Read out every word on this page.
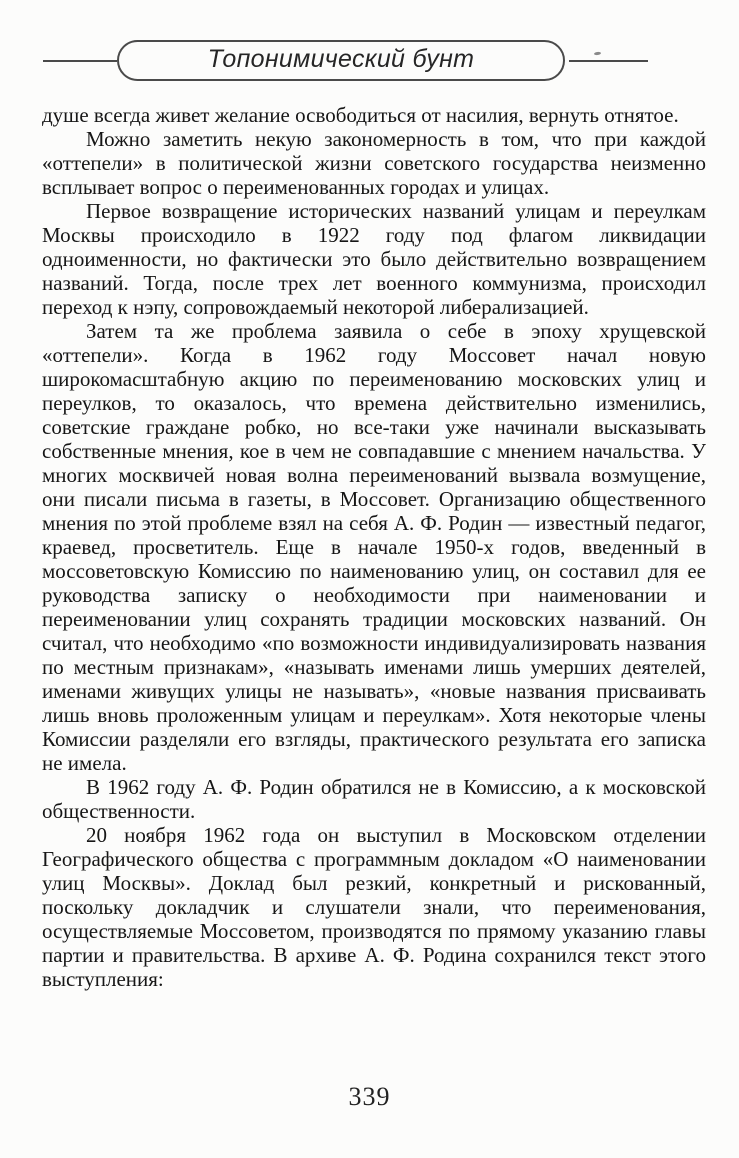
Топонимический бунт

душе всегда живет желание освободиться от насилия, вернуть отнятое.

Можно заметить некую закономерность в том, что при каждой «оттепели» в политической жизни советского государства неизменно всплывает вопрос о переименованных городах и улицах.

Первое возвращение исторических названий улицам и переулкам Москвы происходило в 1922 году под флагом ликвидации одноименности, но фактически это было действительно возвращением названий. Тогда, после трех лет военного коммунизма, происходил переход к нэпу, сопровождаемый некоторой либерализацией.

Затем та же проблема заявила о себе в эпоху хрущевской «оттепели». Когда в 1962 году Моссовет начал новую широкомасштабную акцию по переименованию московских улиц и переулков, то оказалось, что времена действительно изменились, советские граждане робко, но все-таки уже начинали высказывать собственные мнения, кое в чем не совпадавшие с мнением начальства. У многих москвичей новая волна переименований вызвала возмущение, они писали письма в газеты, в Моссовет. Организацию общественного мнения по этой проблеме взял на себя А. Ф. Родин — известный педагог, краевед, просветитель. Еще в начале 1950-х годов, введенный в моссоветовскую Комиссию по наименованию улиц, он составил для ее руководства записку о необходимости при наименовании и переименовании улиц сохранять традиции московских названий. Он считал, что необходимо «по возможности индивидуализировать названия по местным признакам», «называть именами лишь умерших деятелей, именами живущих улицы не называть», «новые названия присваивать лишь вновь проложенным улицам и переулкам». Хотя некоторые члены Комиссии разделяли его взгляды, практического результата его записка не имела.

В 1962 году А. Ф. Родин обратился не в Комиссию, а к московской общественности.

20 ноября 1962 года он выступил в Московском отделении Географического общества с программным докладом «О наименовании улиц Москвы». Доклад был резкий, конкретный и рискованный, поскольку докладчик и слушатели знали, что переименования, осуществляемые Моссоветом, производятся по прямому указанию главы партии и правительства. В архиве А. Ф. Родина сохранился текст этого выступления:

339
